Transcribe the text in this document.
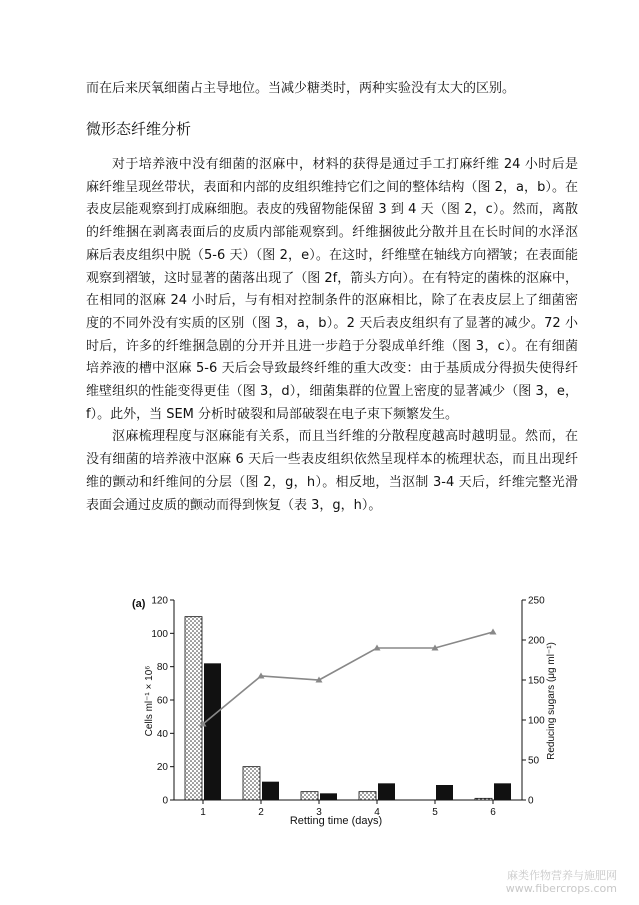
而在后来厌氧细菌占主导地位。当减少糖类时，两种实验没有太大的区别。

微形态纤维分析

对于培养液中没有细菌的沤麻中，材料的获得是通过手工打麻纤维 24 小时后是麻纤维呈现丝带状，表面和内部的皮组织维持它们之间的整体结构（图 2，a，b）。在表皮层能观察到打成麻细胞。表皮的残留物能保留 3 到 4 天（图 2，c）。然而，离散的纤维捆在剥离表面后的皮质内部能观察到。纤维捆彼此分散并且在长时间的水泽沤麻后表皮组织中脱（5-6 天）（图 2，e）。在这时，纤维壁在轴线方向褶皱；在表面能观察到褶皱，这时显著的菌落出现了（图 2f，箭头方向）。在有特定的菌株的沤麻中，在相同的沤麻 24 小时后，与有相对控制条件的沤麻相比，除了在表皮层上了细菌密度的不同外没有实质的区别（图 3，a，b）。2 天后表皮组织有了显著的减少。72 小时后，许多的纤维捆急剧的分开并且进一步趋于分裂成单纤维（图 3，c）。在有细菌培养液的槽中沤麻 5-6 天后会导致最终纤维的重大改变：由于基质成分得损失使得纤维壁组织的性能变得更佳（图 3，d），细菌集群的位置上密度的显著减少（图 3，e，f）。此外，当 SEM 分析时破裂和局部破裂在电子束下频繁发生。

沤麻梳理程度与沤麻能有关系，而且当纤维的分散程度越高时越明显。然而，在没有细菌的培养液中沤麻 6 天后一些表皮组织依然呈现样本的梳理状态，而且出现纤维的颤动和纤维间的分层（图 2，g，h）。相反地，当沤制 3-4 天后，纤维完整光滑表面会通过皮质的颤动而得到恢复（表 3，g，h）。

(a)
0
20
40
60
80
100
120
0
50
100
150
200
250
1	2	3	4	5	6
Retting time (days)
Cells ml⁻¹ × 10⁶	Reducing sugars (μg ml⁻¹)
麻类作物营养与施肥网
www.fibercrops.com
